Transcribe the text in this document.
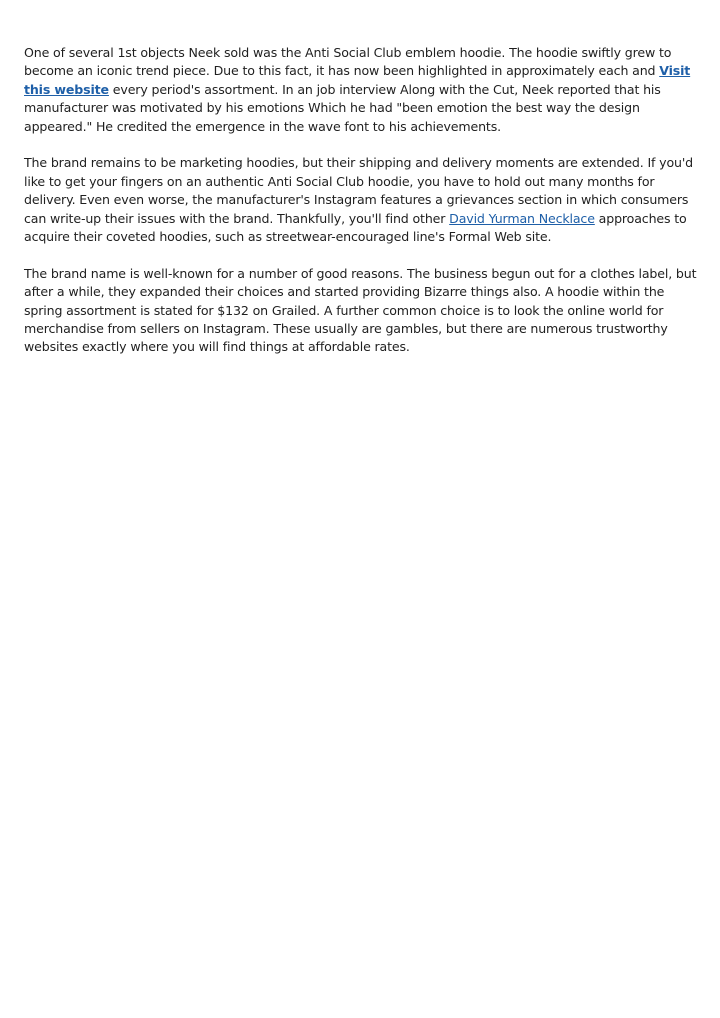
One of several 1st objects Neek sold was the Anti Social Club emblem hoodie. The hoodie swiftly grew to become an iconic trend piece. Due to this fact, it has now been highlighted in approximately each and Visit this website every period's assortment. In an job interview Along with the Cut, Neek reported that his manufacturer was motivated by his emotions Which he had "been emotion the best way the design appeared." He credited the emergence in the wave font to his achievements.

The brand remains to be marketing hoodies, but their shipping and delivery moments are extended. If you'd like to get your fingers on an authentic Anti Social Club hoodie, you have to hold out many months for delivery. Even even worse, the manufacturer's Instagram features a grievances section in which consumers can write-up their issues with the brand. Thankfully, you'll find other David Yurman Necklace approaches to acquire their coveted hoodies, such as streetwear-encouraged line's Formal Web site.

The brand name is well-known for a number of good reasons. The business begun out for a clothes label, but after a while, they expanded their choices and started providing Bizarre things also. A hoodie within the spring assortment is stated for $132 on Grailed. A further common choice is to look the online world for merchandise from sellers on Instagram. These usually are gambles, but there are numerous trustworthy websites exactly where you will find things at affordable rates.
